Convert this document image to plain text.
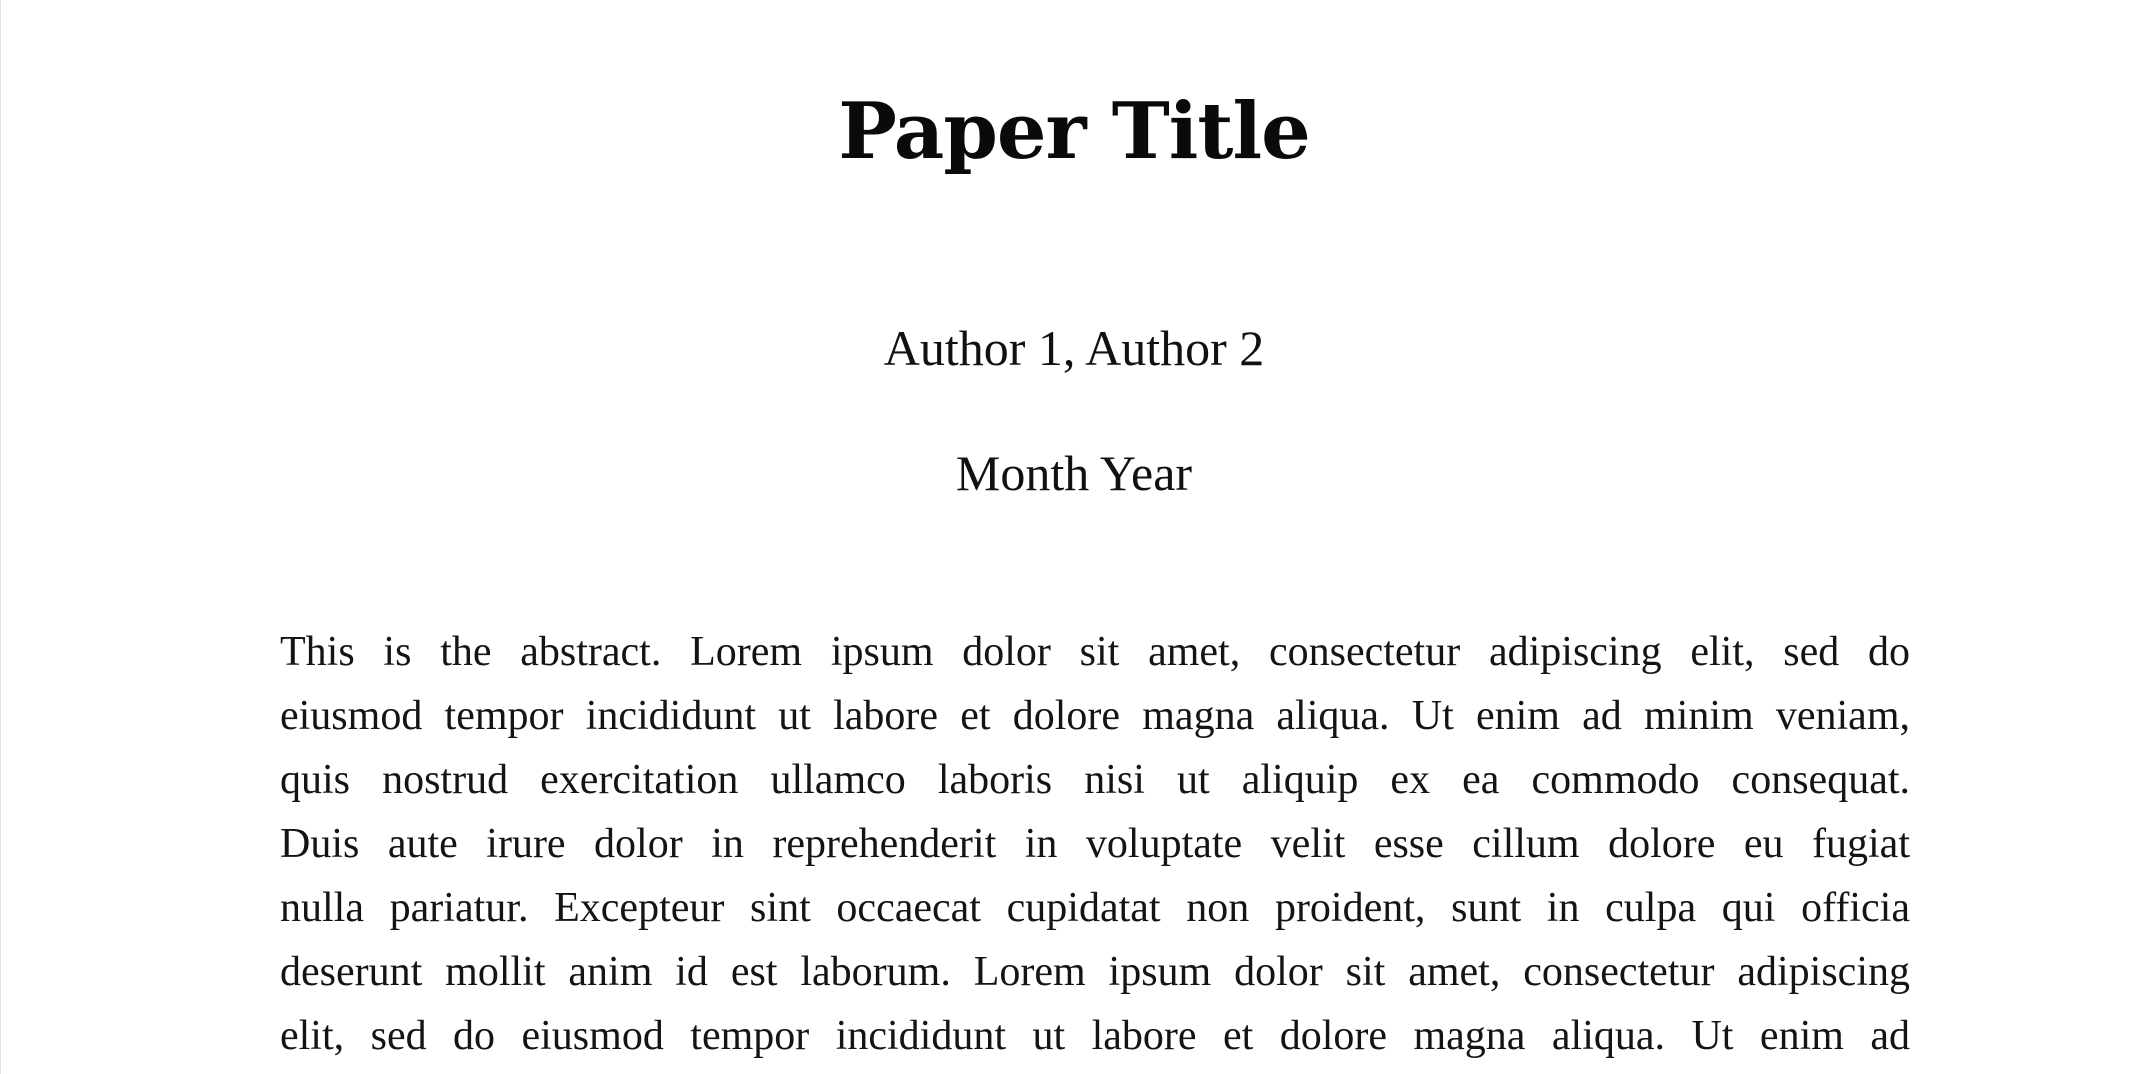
Paper Title

Author 1, Author 2

Month Year

This is the abstract. Lorem ipsum dolor sit amet, consectetur adipiscing elit, sed do
eiusmod tempor incididunt ut labore et dolore magna aliqua. Ut enim ad minim veniam,
quis nostrud exercitation ullamco laboris nisi ut aliquip ex ea commodo consequat.
Duis aute irure dolor in reprehenderit in voluptate velit esse cillum dolore eu fugiat
nulla pariatur. Excepteur sint occaecat cupidatat non proident, sunt in culpa qui officia
deserunt mollit anim id est laborum. Lorem ipsum dolor sit amet, consectetur adipiscing
elit, sed do eiusmod tempor incididunt ut labore et dolore magna aliqua. Ut enim ad
